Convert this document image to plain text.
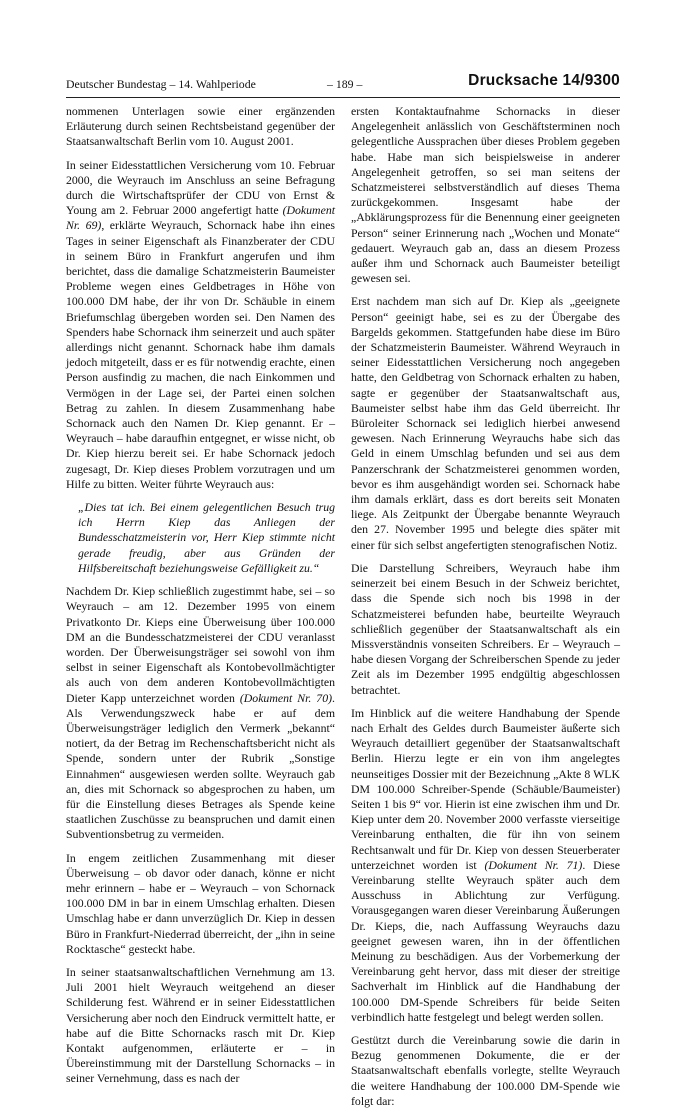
Deutscher Bundestag – 14. Wahlperiode	– 189 –	Drucksache 14/9300

nommenen Unterlagen sowie einer ergänzenden Erläuterung durch seinen Rechtsbeistand gegenüber der Staatsanwaltschaft Berlin vom 10. August 2001.

In seiner Eidesstattlichen Versicherung vom 10. Februar 2000, die Weyrauch im Anschluss an seine Befragung durch die Wirtschaftsprüfer der CDU von Ernst & Young am 2. Februar 2000 angefertigt hatte (Dokument Nr. 69), erklärte Weyrauch, Schornack habe ihn eines Tages in seiner Eigenschaft als Finanzberater der CDU in seinem Büro in Frankfurt angerufen und ihm berichtet, dass die damalige Schatzmeisterin Baumeister Probleme wegen eines Geldbetrages in Höhe von 100.000 DM habe, der ihr von Dr. Schäuble in einem Briefumschlag übergeben worden sei. Den Namen des Spenders habe Schornack ihm seinerzeit und auch später allerdings nicht genannt. Schornack habe ihm damals jedoch mitgeteilt, dass er es für notwendig erachte, einen Person ausfindig zu machen, die nach Einkommen und Vermögen in der Lage sei, der Partei einen solchen Betrag zu zahlen. In diesem Zusammenhang habe Schornack auch den Namen Dr. Kiep genannt. Er – Weyrauch – habe daraufhin entgegnet, er wisse nicht, ob Dr. Kiep hierzu bereit sei. Er habe Schornack jedoch zugesagt, Dr. Kiep dieses Problem vorzutragen und um Hilfe zu bitten. Weiter führte Weyrauch aus:

„Dies tat ich. Bei einem gelegentlichen Besuch trug ich Herrn Kiep das Anliegen der Bundesschatzmeisterin vor, Herr Kiep stimmte nicht gerade freudig, aber aus Gründen der Hilfsbereitschaft beziehungsweise Gefälligkeit zu.“

Nachdem Dr. Kiep schließlich zugestimmt habe, sei – so Weyrauch – am 12. Dezember 1995 von einem Privatkonto Dr. Kieps eine Überweisung über 100.000 DM an die Bundesschatzmeisterei der CDU veranlasst worden. Der Überweisungsträger sei sowohl von ihm selbst in seiner Eigenschaft als Kontobevollmächtigter als auch von dem anderen Kontobevollmächtigten Dieter Kapp unterzeichnet worden (Dokument Nr. 70). Als Verwendungszweck habe er auf dem Überweisungsträger lediglich den Vermerk „bekannt“ notiert, da der Betrag im Rechenschaftsbericht nicht als Spende, sondern unter der Rubrik „Sonstige Einnahmen“ ausgewiesen werden sollte. Weyrauch gab an, dies mit Schornack so abgesprochen zu haben, um für die Einstellung dieses Betrages als Spende keine staatlichen Zuschüsse zu beanspruchen und damit einen Subventionsbetrug zu vermeiden.

In engem zeitlichen Zusammenhang mit dieser Überweisung – ob davor oder danach, könne er nicht mehr erinnern – habe er – Weyrauch – von Schornack 100.000 DM in bar in einem Umschlag erhalten. Diesen Umschlag habe er dann unverzüglich Dr. Kiep in dessen Büro in Frankfurt-Niederrad überreicht, der „ihn in seine Rocktasche“ gesteckt habe.

In seiner staatsanwaltschaftlichen Vernehmung am 13. Juli 2001 hielt Weyrauch weitgehend an dieser Schilderung fest. Während er in seiner Eidesstattlichen Versicherung aber noch den Eindruck vermittelt hatte, er habe auf die Bitte Schornacks rasch mit Dr. Kiep Kontakt aufgenommen, erläuterte er – in Übereinstimmung mit der Darstellung Schornacks – in seiner Vernehmung, dass es nach der

ersten Kontaktaufnahme Schornacks in dieser Angelegenheit anlässlich von Geschäftsterminen noch gelegentliche Aussprachen über dieses Problem gegeben habe. Habe man sich beispielsweise in anderer Angelegenheit getroffen, so sei man seitens der Schatzmeisterei selbstverständlich auf dieses Thema zurückgekommen. Insgesamt habe der „Abklärungsprozess für die Benennung einer geeigneten Person“ seiner Erinnerung nach „Wochen und Monate“ gedauert. Weyrauch gab an, dass an diesem Prozess außer ihm und Schornack auch Baumeister beteiligt gewesen sei.

Erst nachdem man sich auf Dr. Kiep als „geeignete Person“ geeinigt habe, sei es zu der Übergabe des Bargelds gekommen. Stattgefunden habe diese im Büro der Schatzmeisterin Baumeister. Während Weyrauch in seiner Eidesstattlichen Versicherung noch angegeben hatte, den Geldbetrag von Schornack erhalten zu haben, sagte er gegenüber der Staatsanwaltschaft aus, Baumeister selbst habe ihm das Geld überreicht. Ihr Büroleiter Schornack sei lediglich hierbei anwesend gewesen. Nach Erinnerung Weyrauchs habe sich das Geld in einem Umschlag befunden und sei aus dem Panzerschrank der Schatzmeisterei genommen worden, bevor es ihm ausgehändigt worden sei. Schornack habe ihm damals erklärt, dass es dort bereits seit Monaten liege. Als Zeitpunkt der Übergabe benannte Weyrauch den 27. November 1995 und belegte dies später mit einer für sich selbst angefertigten stenografischen Notiz.

Die Darstellung Schreibers, Weyrauch habe ihm seinerzeit bei einem Besuch in der Schweiz berichtet, dass die Spende sich noch bis 1998 in der Schatzmeisterei befunden habe, beurteilte Weyrauch schließlich gegenüber der Staatsanwaltschaft als ein Missverständnis vonseiten Schreibers. Er – Weyrauch – habe diesen Vorgang der Schreiberschen Spende zu jeder Zeit als im Dezember 1995 endgültig abgeschlossen betrachtet.

Im Hinblick auf die weitere Handhabung der Spende nach Erhalt des Geldes durch Baumeister äußerte sich Weyrauch detailliert gegenüber der Staatsanwaltschaft Berlin. Hierzu legte er ein von ihm angelegtes neunseitiges Dossier mit der Bezeichnung „Akte 8 WLK DM 100.000 Schreiber-Spende (Schäuble/Baumeister) Seiten 1 bis 9“ vor. Hierin ist eine zwischen ihm und Dr. Kiep unter dem 20. November 2000 verfasste vierseitige Vereinbarung enthalten, die für ihn von seinem Rechtsanwalt und für Dr. Kiep von dessen Steuerberater unterzeichnet worden ist (Dokument Nr. 71). Diese Vereinbarung stellte Weyrauch später auch dem Ausschuss in Ablichtung zur Verfügung. Vorausgegangen waren dieser Vereinbarung Äußerungen Dr. Kieps, die, nach Auffassung Weyrauchs dazu geeignet gewesen waren, ihn in der öffentlichen Meinung zu beschädigen. Aus der Vorbemerkung der Vereinbarung geht hervor, dass mit dieser der streitige Sachverhalt im Hinblick auf die Handhabung der 100.000 DM-Spende Schreibers für beide Seiten verbindlich hatte festgelegt und belegt werden sollen.

Gestützt durch die Vereinbarung sowie die darin in Bezug genommenen Dokumente, die er der Staatsanwaltschaft ebenfalls vorlegte, stellte Weyrauch die weitere Handhabung der 100.000 DM-Spende wie folgt dar:
